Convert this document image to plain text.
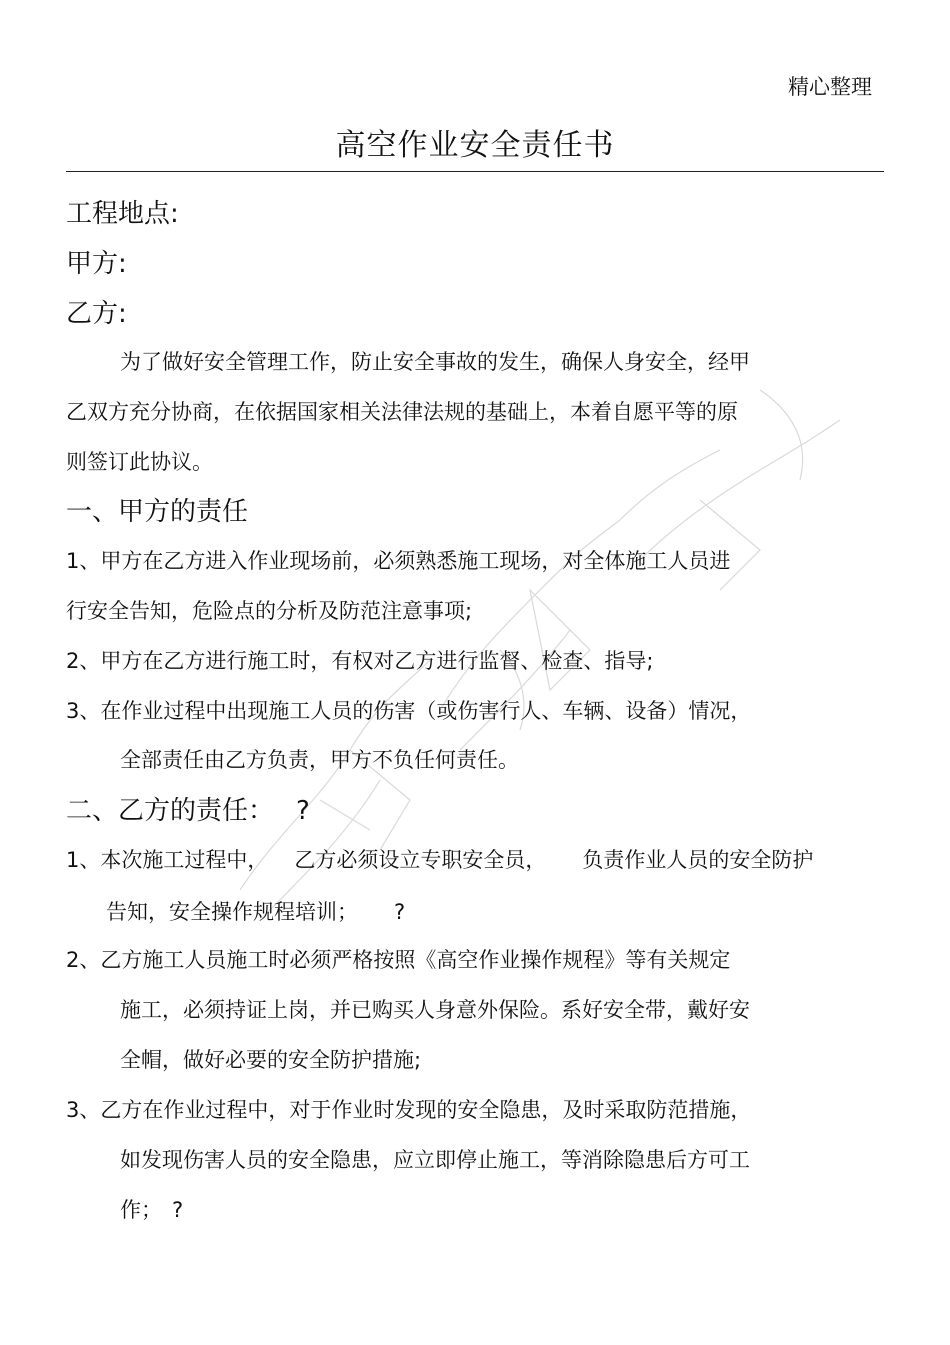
精心整理
高空作业安全责任书
工程地点:
甲方:
乙方:
为了做好安全管理工作，防止安全事故的发生，确保人身安全，经甲
乙双方充分协商，在依据国家相关法律法规的基础上，本着自愿平等的原
则签订此协议。
一、甲方的责任
1、甲方在乙方进入作业现场前，必须熟悉施工现场，对全体施工人员进
行安全告知，危险点的分析及防范注意事项;
2、甲方在乙方进行施工时，有权对乙方进行监督、检查、指导;
3、在作业过程中出现施工人员的伤害（或伤害行人、车辆、设备）情况，
全部责任由乙方负责，甲方不负任何责任。
二、乙方的责任： ?
1、本次施工过程中， 乙方必须设立专职安全员， 负责作业人员的安全防护
告知，安全操作规程培训； ?
2、乙方施工人员施工时必须严格按照《高空作业操作规程》等有关规定
施工，必须持证上岗，并已购买人身意外保险。系好安全带，戴好安
全帽，做好必要的安全防护措施;
3、乙方在作业过程中，对于作业时发现的安全隐患，及时采取防范措施，
如发现伤害人员的安全隐患，应立即停止施工，等消除隐患后方可工
作； ?
